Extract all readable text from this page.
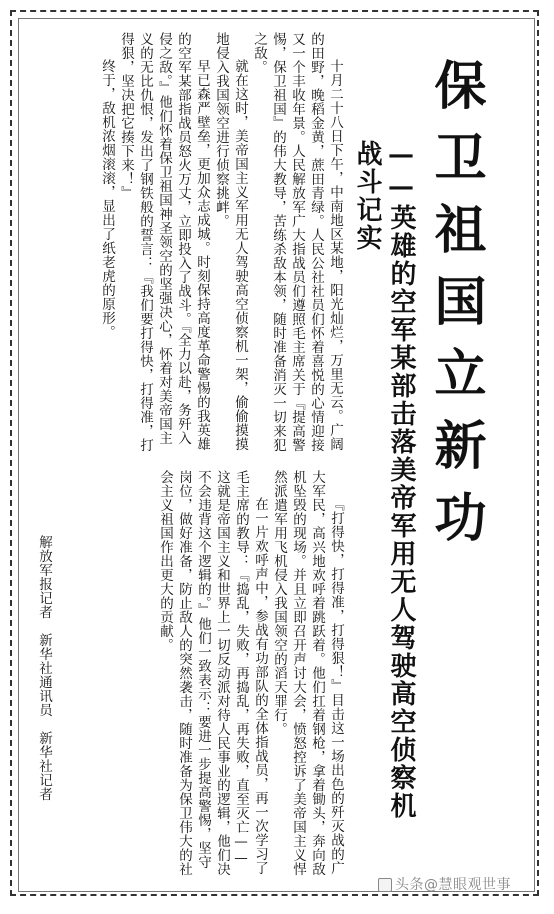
保卫祖国立新功
——英雄的空军某部击落美帝军用无人驾驶高空侦察机战斗记实

十月二十八日下午，中南地区某地，阳光灿烂，万里无云。广阔的田野，晚稻金黄，蔗田青绿。人民公社社员们怀着喜悦的心情迎接又一个丰收年景。人民解放军广大指战员们遵照毛主席关于『提高警惕，保卫祖国』的伟大教导，苦练杀敌本领，随时准备消灭一切来犯之敌。

就在这时，美帝国主义军用无人驾驶高空侦察机一架，偷偷摸摸地侵入我国领空进行侦察挑衅。

早已森严壁垒，更加众志成城。时刻保持高度革命警惕的我英雄的空军某部指战员怒火万丈，立即投入了战斗。『全力以赴，务歼入侵之敌。』他们怀着保卫祖国神圣领空的坚强决心，怀着对美帝国主义的无比仇恨，发出了钢铁般的誓言：『我们要打得快，打得准，打得狠，坚决把它揍下来！』

终于，敌机浓烟滚滚，显出了纸老虎的原形。

『打得快，打得准，打得狠！』目击这一场出色的歼灭战的广大军民，高兴地欢呼着跳跃着。他们扛着钢枪，拿着锄头，奔向敌机坠毁的现场。并且立即召开声讨大会，愤怒控诉了美帝国主义悍然派遣军用飞机侵入我国领空的滔天罪行。

在一片欢呼声中，参战有功部队的全体指战员，再一次学习了毛主席的教导：『捣乱，失败，再捣乱，再失败，直至灭亡——这就是帝国主义和世界上一切反动派对待人民事业的逻辑，他们决不会违背这个逻辑的。』他们一致表示：要进一步提高警惕，坚守岗位，做好准备，防止敌人的突然袭击，随时准备为保卫伟大的社会主义祖国作出更大的贡献。

解放军报记者　新华社通讯员　新华社记者
头条@慧眼观世事
